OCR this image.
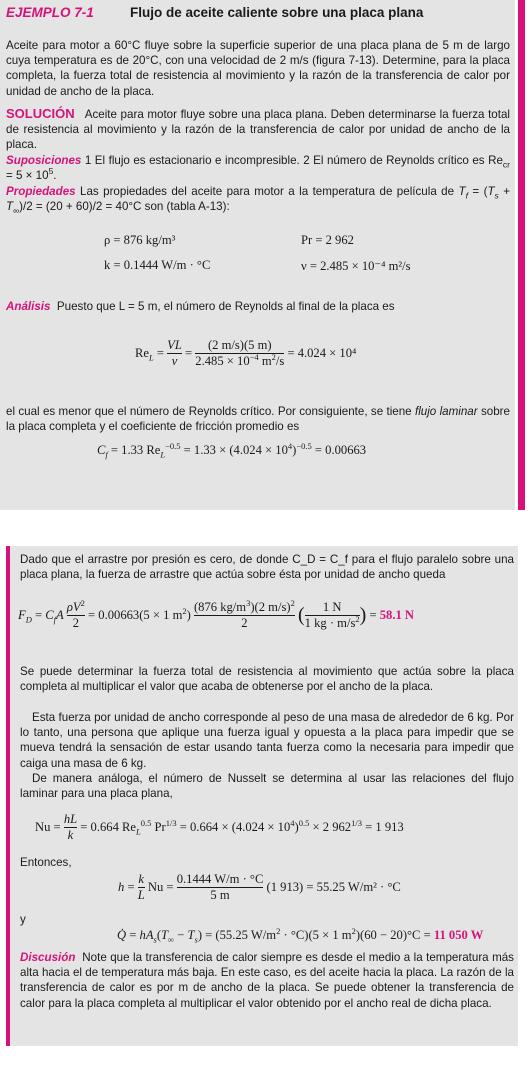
EJEMPLO 7-1	Flujo de aceite caliente sobre una placa plana

Aceite para motor a 60°C fluye sobre la superficie superior de una placa plana de 5 m de largo cuya temperatura es de 20°C, con una velocidad de 2 m/s (figura 7-13). Determine, para la placa completa, la fuerza total de resistencia al movimiento y la razón de la transferencia de calor por unidad de ancho de la placa.

SOLUCIÓN Aceite para motor fluye sobre una placa plana. Deben determinarse la fuerza total de resistencia al movimiento y la razón de la transferencia de calor por unidad de ancho de la placa.

Suposiciones 1 El flujo es estacionario e incompresible. 2 El número de Reynolds crítico es $Re_{cr} = 5 \times 10^5$.

Propiedades Las propiedades del aceite para motor a la temperatura de película de $T_f = (T_s + T_\infty)/2 = (20 + 60)/2 = 40^\circ C$ son (tabla A-13):

ρ = 876 kg/m³	Pr = 2 962
k = 0.1444 W/m · °C	ν = 2.485 × 10⁻⁴ m²/s

Análisis Puesto que L = 5 m, el número de Reynolds al final de la placa es

$Re_L = \frac{VL}{\nu} = \frac{(2 m/s)(5 m)}{2.485 \times 10^{-4} m^2/s} = 4.024 \times 10^4$

el cual es menor que el número de Reynolds crítico. Por consiguiente, se tiene flujo laminar sobre la placa completa y el coeficiente de fricción promedio es

$C_f = 1.33$ $Re_L^{-0.5} = 1.33 \times (4.024 \times 10^4)^{-0.5} = 0.00663$

Dado que el arrastre por presión es cero, de donde C_D = C_f para el flujo paralelo sobre una placa plana, la fuerza de arrastre que actúa sobre ésta por unidad de ancho queda

$F_D = C_fA \frac{\rho V^2}{2} = 0.00663(5 \times 1$ $m^2) \frac{(876 kg/m^3)(2 m/s)^2}{2}$ ( $\frac{1 N}{1 kg \cdot m/s^2}$ ) = 58.1 N

Se puede determinar la fuerza total de resistencia al movimiento que actúa sobre la placa completa al multiplicar el valor que acaba de obtenerse por el ancho de la placa.

Esta fuerza por unidad de ancho corresponde al peso de una masa de alrededor de 6 kg. Por lo tanto, una persona que aplique una fuerza igual y opuesta a la placa para impedir que se mueva tendrá la sensación de estar usando tanta fuerza como la necesaria para impedir que caiga una masa de 6 kg.

De manera análoga, el número de Nusselt se determina al usar las relaciones del flujo laminar para una placa plana,

$Nu = \frac{hL}{k} = 0.664$ $Re_L^{0.5}$ $Pr^{1/3} = 0.664 \times (4.024 \times 10^4)^{0.5} \times 2$ $962^{1/3} = 1$ 913

Entonces,

$h = \frac{k}{L}$ $Nu = \frac{0.1444 W/m \cdot ^\circ C}{5 m} (1$ 913) = 55.25 W/m² · °C

y

Q̇ = $hA_s(T_\infty - T_s) = (55.25$ $W/m^2 \cdot ^\circ C)(5 \times 1$ $m^2)(60 - 20)^\circ C = 11$ 050 W

Discusión Note que la transferencia de calor siempre es desde el medio a la temperatura más alta hacia el de temperatura más baja. En este caso, es del aceite hacia la placa. La razón de la transferencia de calor es por m de ancho de la placa. Se puede obtener la transferencia de calor para la placa completa al multiplicar el valor obtenido por el ancho real de dicha placa.
